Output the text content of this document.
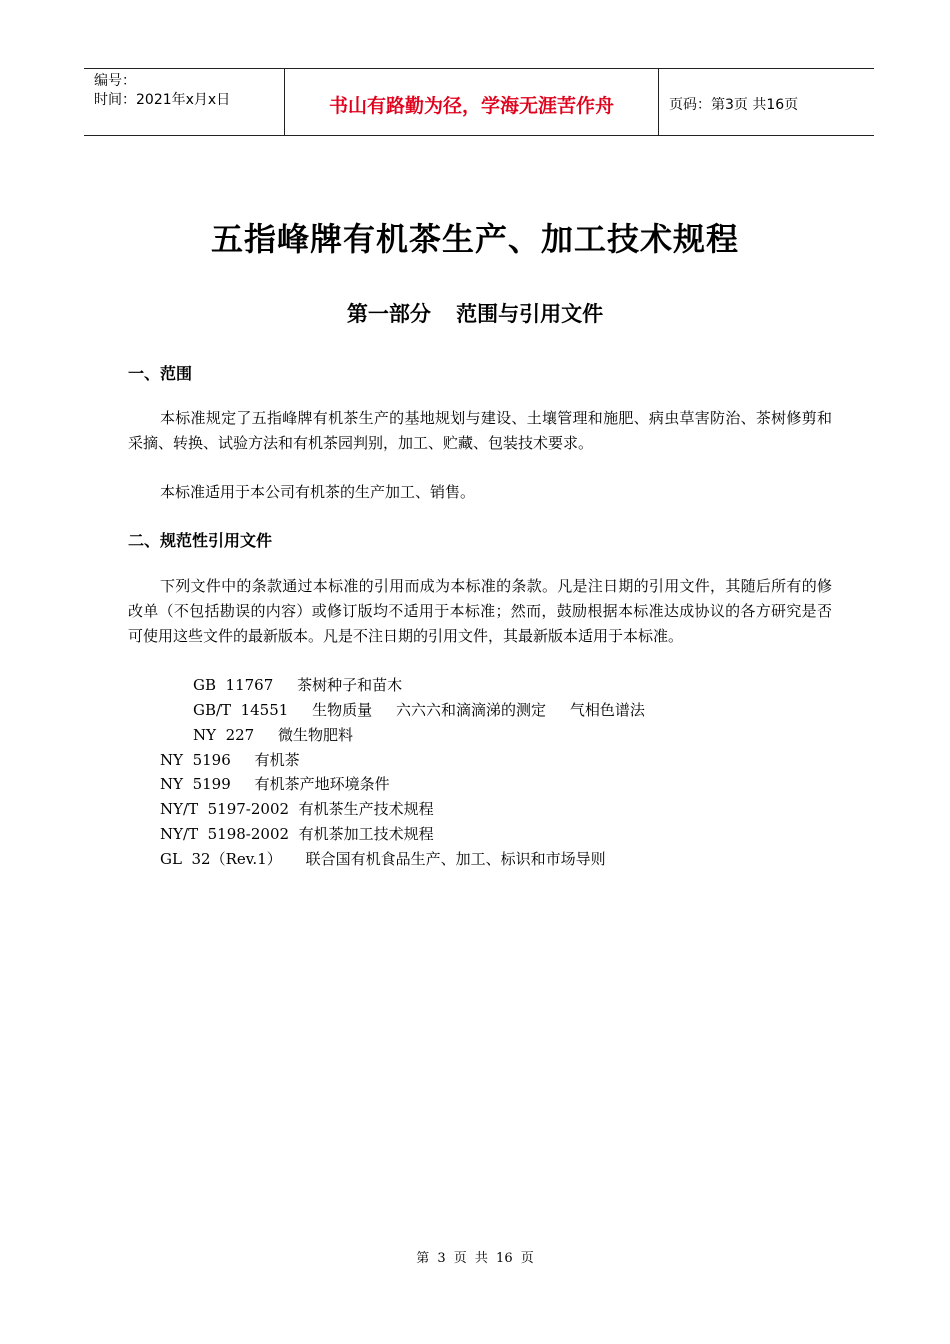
编号：
时间：2021年x月x日	书山有路勤为径，学海无涯苦作舟	页码：第3页 共16页
五指峰牌有机茶生产、加工技术规程
第一部分 范围与引用文件
一、范围
本标准规定了五指峰牌有机茶生产的基地规划与建设、土壤管理和施肥、病虫草害防治、茶树修剪和采摘、转换、试验方法和有机茶园判别，加工、贮藏、包装技术要求。
本标准适用于本公司有机茶的生产加工、销售。
二、规范性引用文件
下列文件中的条款通过本标准的引用而成为本标准的条款。凡是注日期的引用文件，其随后所有的修改单（不包括勘误的内容）或修订版均不适用于本标准；然而，鼓励根据本标准达成协议的各方研究是否可使用这些文件的最新版本。凡是不注日期的引用文件，其最新版本适用于本标准。
GB  11767     茶树种子和苗木
GB/T  14551     生物质量     六六六和滴滴涕的测定     气相色谱法
NY  227     微生物肥料
NY  5196     有机茶
NY  5199     有机茶产地环境条件
NY/T  5197-2002  有机茶生产技术规程
NY/T  5198-2002  有机茶加工技术规程
GL  32（Rev.1）     联合国有机食品生产、加工、标识和市场导则
第 3 页 共 16 页
